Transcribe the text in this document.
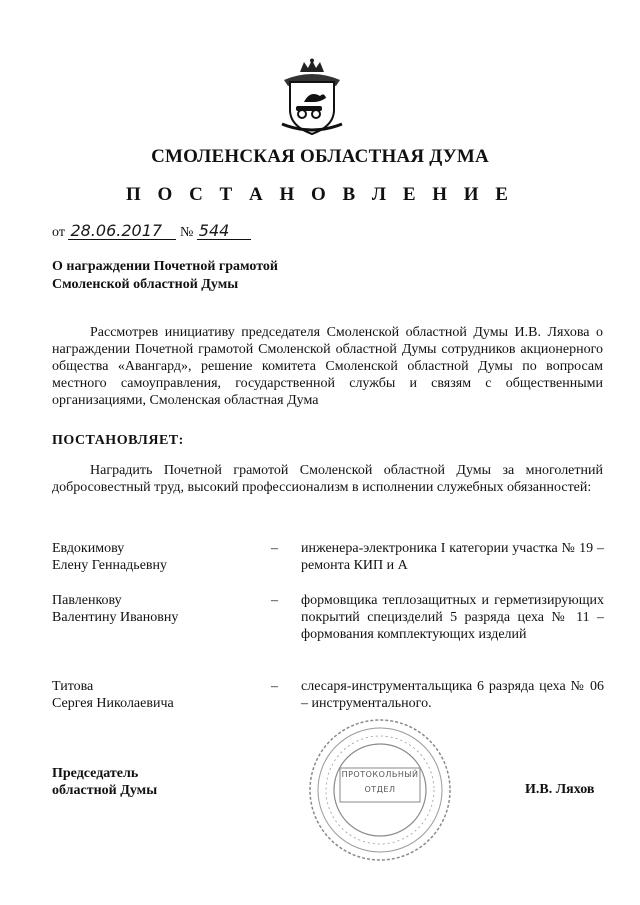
СМОЛЕНСКАЯ ОБЛАСТНАЯ ДУМА
П О С Т А Н О В Л Е Н И Е
от 28.06.2017 № 544
О награждении Почетной грамотой
Смоленской областной Думы
Рассмотрев инициативу председателя Смоленской областной Думы И.В. Ляхова о награждении Почетной грамотой Смоленской областной Думы сотрудников акционерного общества «Авангард», решение комитета Смоленской областной Думы по вопросам местного самоуправления, государственной службы и связям с общественными организациями, Смоленская областная Дума
ПОСТАНОВЛЯЕТ:
Наградить Почетной грамотой Смоленской областной Думы за многолетний добросовестный труд, высокий профессионализм в исполнении служебных обязанностей:
Евдокимову
Елену Геннадьевну
–	инженера-электроника I категории участка № 19 – ремонта КИП и А
Павленкову
Валентину Ивановну
–	формовщика теплозащитных и герметизирующих покрытий специзделий 5 разряда цеха № 11 – формования комплектующих изделий
Титова
Сергея Николаевича
–	слесаря-инструментальщика 6 разряда цеха № 06 – инструментального.
ПРОТОКОЛЬНЫЙ
ОТДЕЛ
Председатель
областной Думы	И.В. Ляхов
